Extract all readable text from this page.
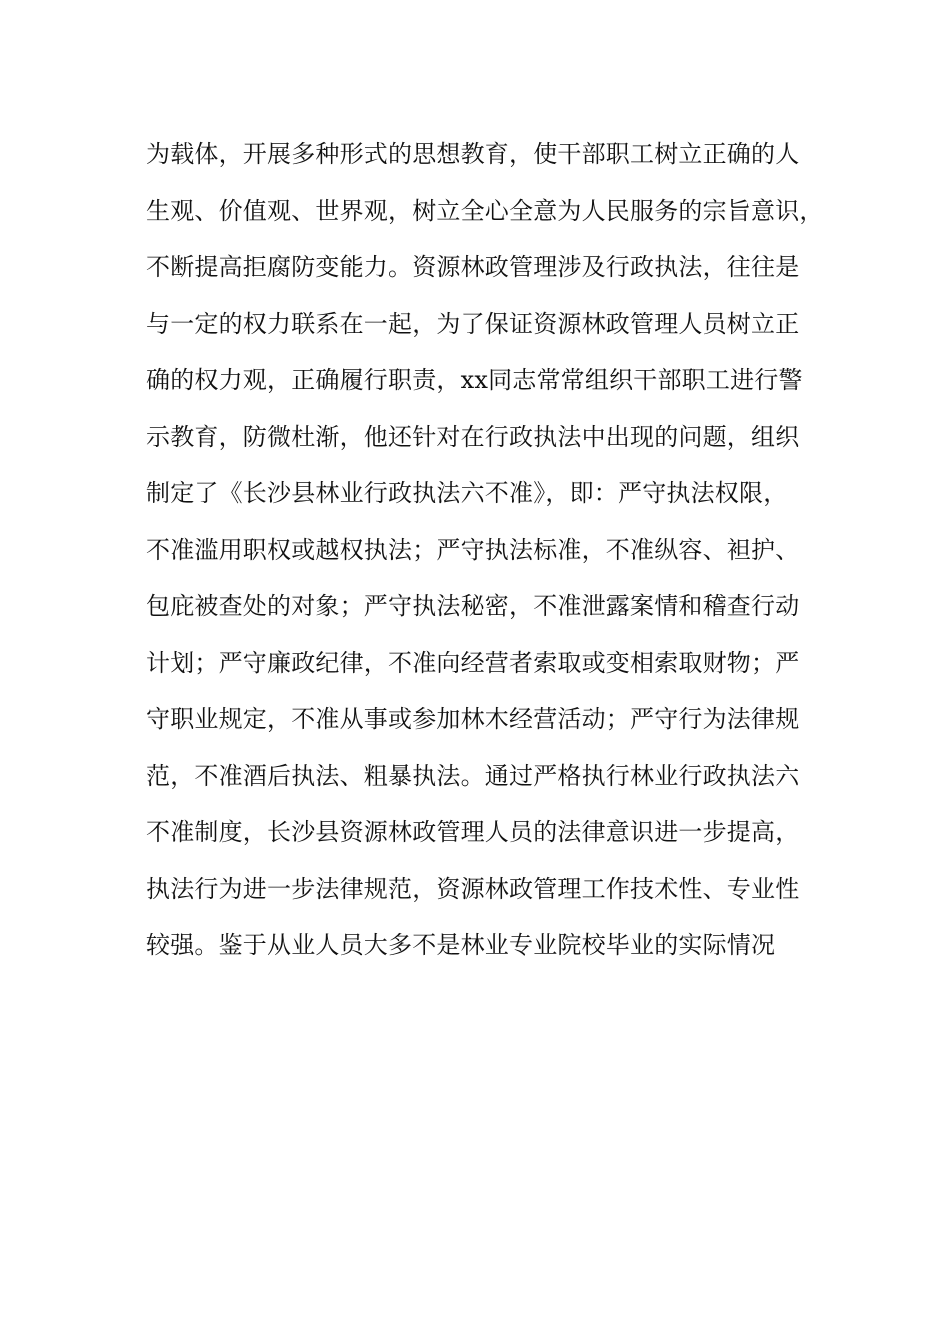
为载体，开展多种形式的思想教育，使干部职工树立正确的人
生观、价值观、世界观，树立全心全意为人民服务的宗旨意识，
不断提高拒腐防变能力。资源林政管理涉及行政执法，往往是
与一定的权力联系在一起，为了保证资源林政管理人员树立正
确的权力观，正确履行职责，xx同志常常组织干部职工进行警
示教育，防微杜渐，他还针对在行政执法中出现的问题，组织
制定了《长沙县林业行政执法六不准》，即：严守执法权限，
不准滥用职权或越权执法；严守执法标准，不准纵容、袒护、
包庇被查处的对象；严守执法秘密，不准泄露案情和稽查行动
计划；严守廉政纪律，不准向经营者索取或变相索取财物；严
守职业规定，不准从事或参加林木经营活动；严守行为法律规
范，不准酒后执法、粗暴执法。通过严格执行林业行政执法六
不准制度，长沙县资源林政管理人员的法律意识进一步提高，
执法行为进一步法律规范，资源林政管理工作技术性、专业性
较强。鉴于从业人员大多不是林业专业院校毕业的实际情况
